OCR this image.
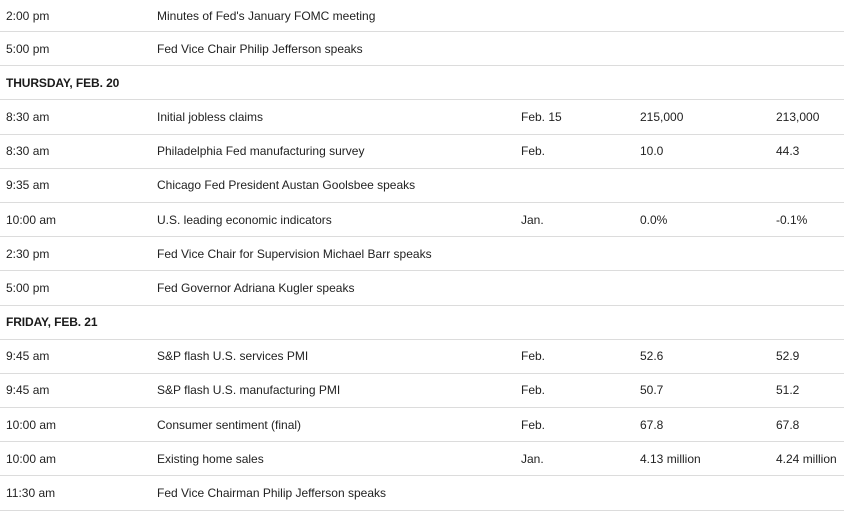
2:00 pm	Minutes of Fed's January FOMC meeting
5:00 pm	Fed Vice Chair Philip Jefferson speaks
THURSDAY, FEB. 20
8:30 am	Initial jobless claims	Feb. 15	215,000	213,000
8:30 am	Philadelphia Fed manufacturing survey	Feb.	10.0	44.3
9:35 am	Chicago Fed President Austan Goolsbee speaks
10:00 am	U.S. leading economic indicators	Jan.	0.0%	-0.1%
2:30 pm	Fed Vice Chair for Supervision Michael Barr speaks
5:00 pm	Fed Governor Adriana Kugler speaks
FRIDAY, FEB. 21
9:45 am	S&P flash U.S. services PMI	Feb.	52.6	52.9
9:45 am	S&P flash U.S. manufacturing PMI	Feb.	50.7	51.2
10:00 am	Consumer sentiment (final)	Feb.	67.8	67.8
10:00 am	Existing home sales	Jan.	4.13 million	4.24 million
11:30 am	Fed Vice Chairman Philip Jefferson speaks
